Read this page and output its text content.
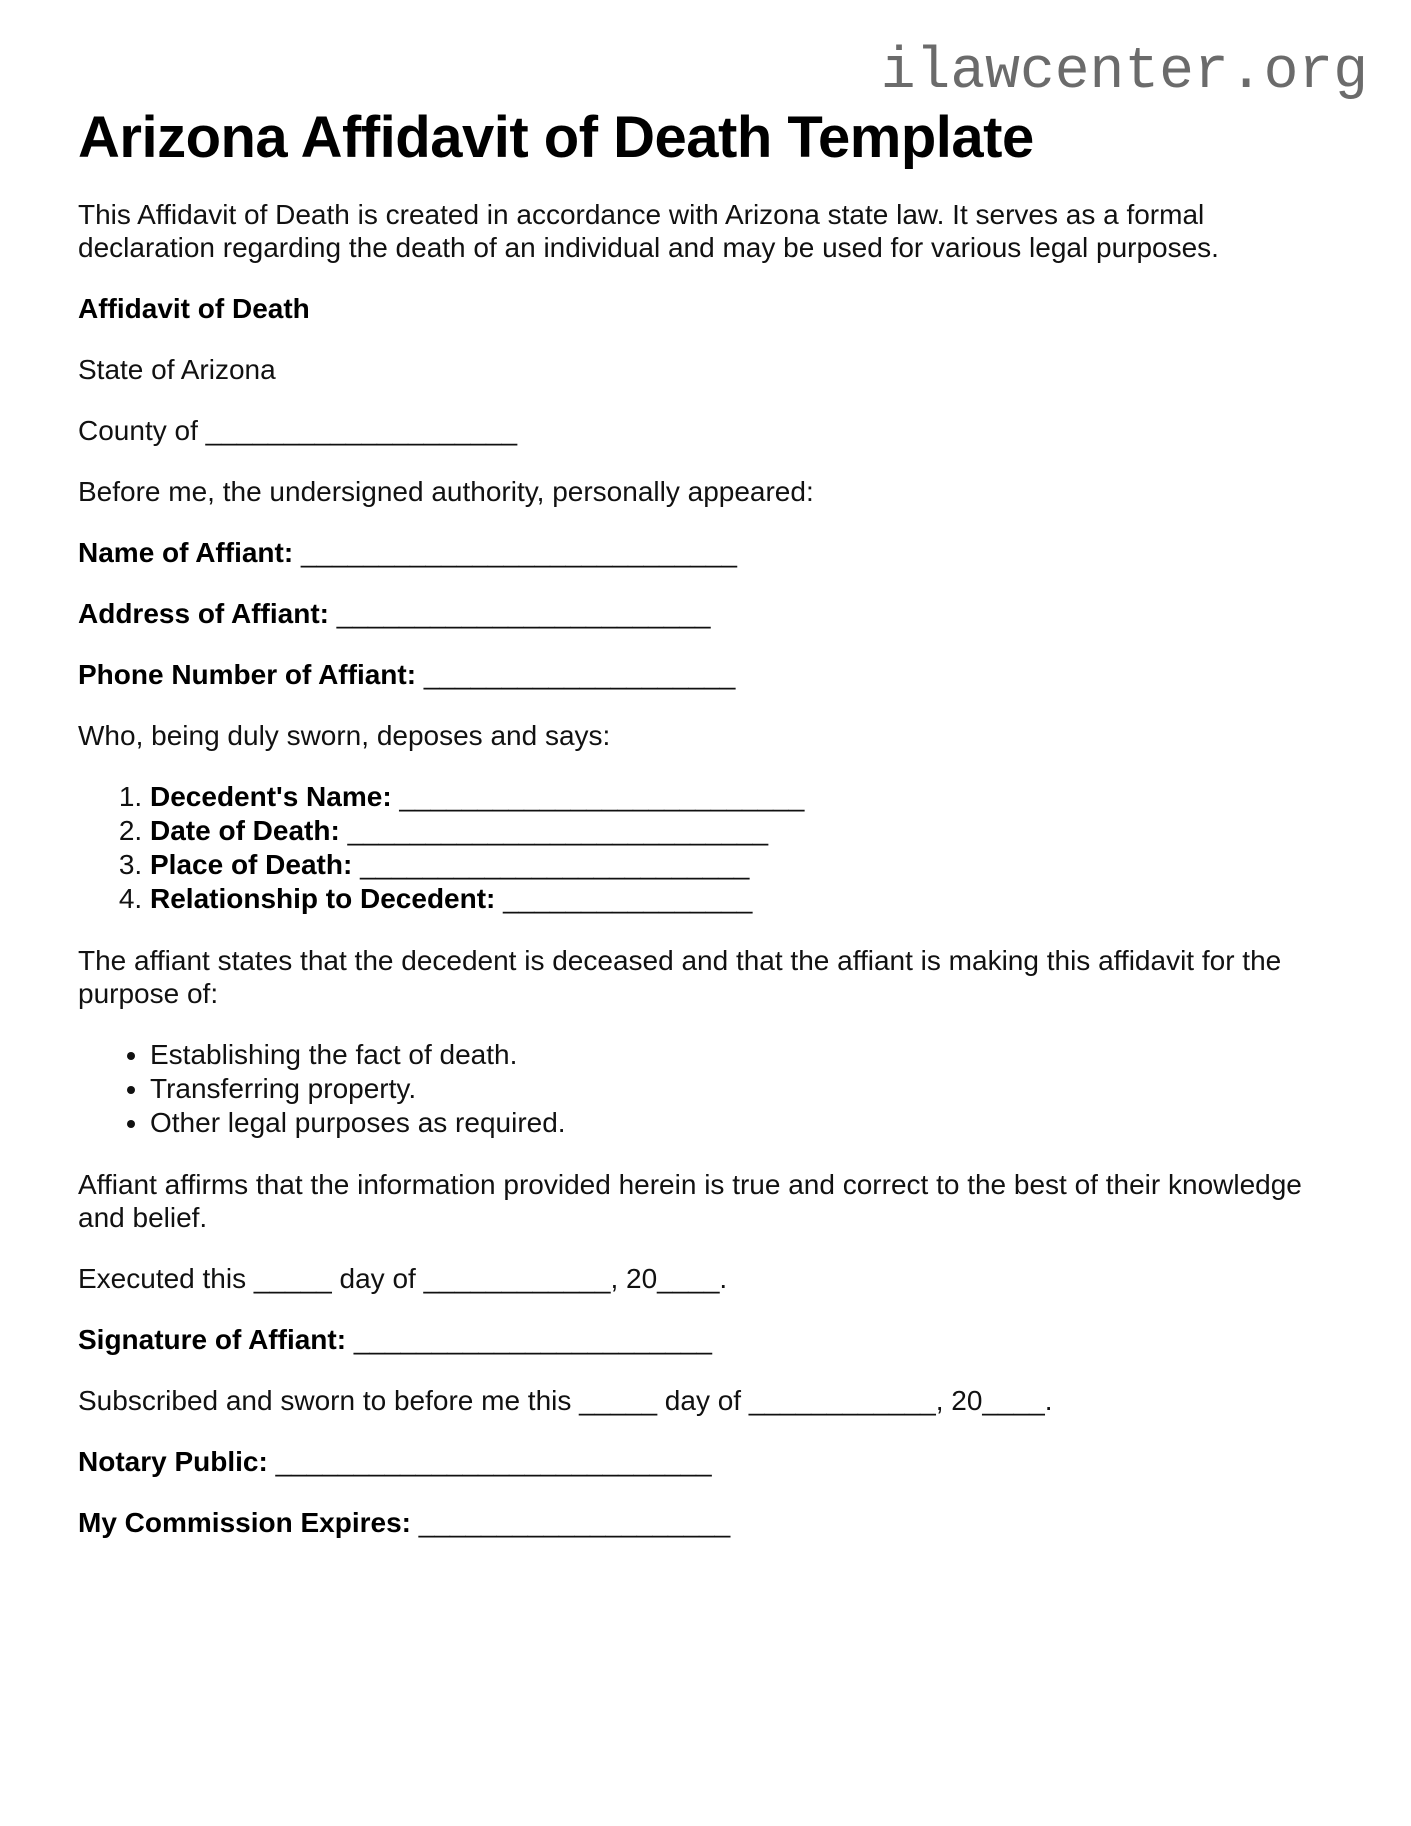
ilawcenter.org
Arizona Affidavit of Death Template

This Affidavit of Death is created in accordance with Arizona state law. It serves as a formal declaration regarding the death of an individual and may be used for various legal purposes.

Affidavit of Death

State of Arizona

County of ____________________

Before me, the undersigned authority, personally appeared:

Name of Affiant: ____________________________

Address of Affiant: ________________________

Phone Number of Affiant: ____________________

Who, being duly sworn, deposes and says:

1. Decedent's Name: __________________________
2. Date of Death: ___________________________
3. Place of Death: _________________________
4. Relationship to Decedent: ________________

The affiant states that the decedent is deceased and that the affiant is making this affidavit for the purpose of:

• Establishing the fact of death.
• Transferring property.
• Other legal purposes as required.

Affiant affirms that the information provided herein is true and correct to the best of their knowledge and belief.

Executed this _____ day of ____________, 20____.

Signature of Affiant: _______________________

Subscribed and sworn to before me this _____ day of ____________, 20____.

Notary Public: ____________________________

My Commission Expires: ____________________
